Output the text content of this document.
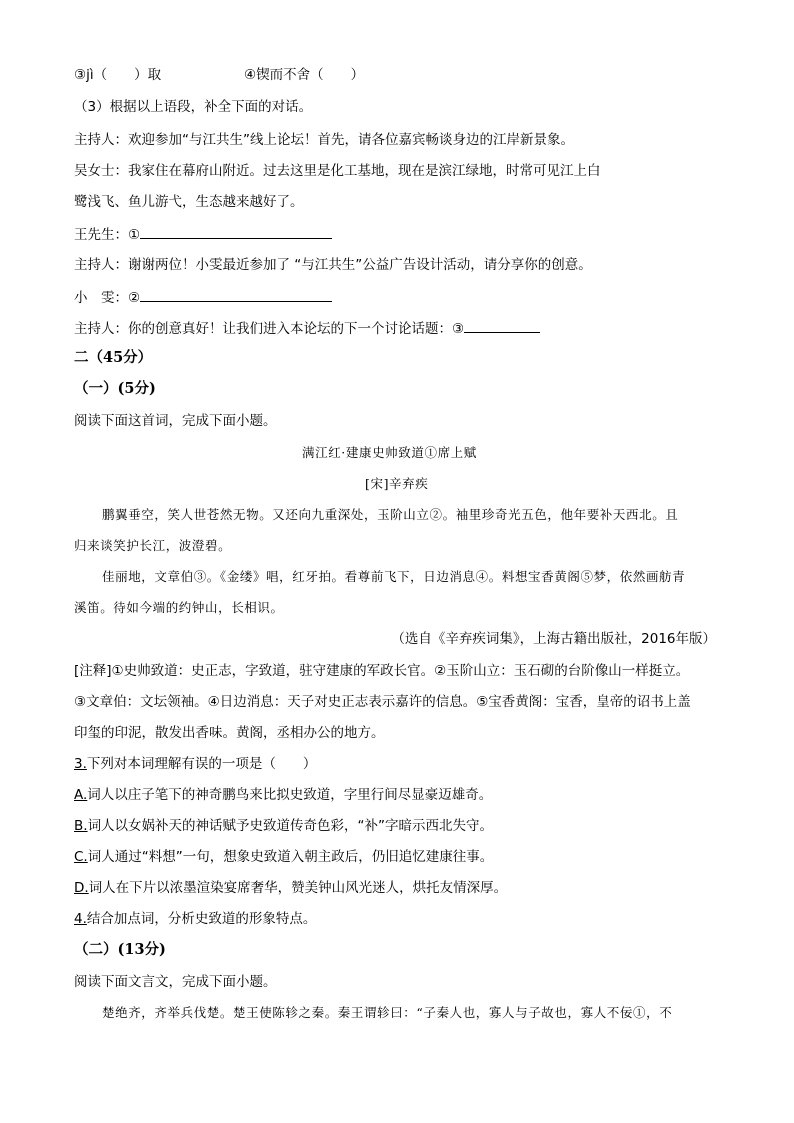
③jì（　　）取	④锲而不舍（　　）
（3）根据以上语段，补全下面的对话。
主持人：欢迎参加“与江共生”线上论坛！首先，请各位嘉宾畅谈身边的江岸新景象。
吴女士：我家住在幕府山附近。过去这里是化工基地，现在是滨江绿地，时常可见江上白
鹭浅飞、鱼儿游弋，生态越来越好了。
王先生：①
主持人：谢谢两位！小雯最近参加了 “与江共生”公益广告设计活动，请分享你的创意。
小　雯：②
主持人：你的创意真好！让我们进入本论坛的下一个讨论话题：③
二（45分）
（一）(5分)
阅读下面这首词，完成下面小题。
满江红·建康史帅致道①席上赋
[宋]辛弃疾
鹏翼垂空，笑人世苍然无物。又还向九重深处，玉阶山立②。袖里珍奇光五色，他年要补天西北。且
归来谈笑护长江，波澄碧。
佳丽地，文章伯③。《金缕》唱，红牙拍。看尊前飞下，日边消息④。料想宝香黄阁⑤梦，依然画舫青
溪笛。待如今端的约钟山，长相识。
（选自《辛弃疾词集》，上海古籍出版社，2016年版）
[注释]①史帅致道：史正志，字致道，驻守建康的军政长官。②玉阶山立：玉石砌的台阶像山一样挺立。
③文章伯：文坛领袖。④日边消息：天子对史正志表示嘉许的信息。⑤宝香黄阁：宝香，皇帝的诏书上盖
印玺的印泥，散发出香味。黄阁，丞相办公的地方。
3.下列对本词理解有误的一项是（　　）
A.词人以庄子笔下的神奇鹏鸟来比拟史致道，字里行间尽显豪迈雄奇。
B.词人以女娲补天的神话赋予史致道传奇色彩，“补”字暗示西北失守。
C.词人通过“料想”一句，想象史致道入朝主政后，仍旧追忆建康往事。
D.词人在下片以浓墨渲染宴席奢华，赞美钟山风光迷人，烘托友情深厚。
4.结合加点词，分析史致道的形象特点。
（二）(13分)
阅读下面文言文，完成下面小题。
楚绝齐，齐举兵伐楚。楚王使陈轸之秦。秦王谓轸曰：“子秦人也，寡人与子故也，寡人不佞①，不
